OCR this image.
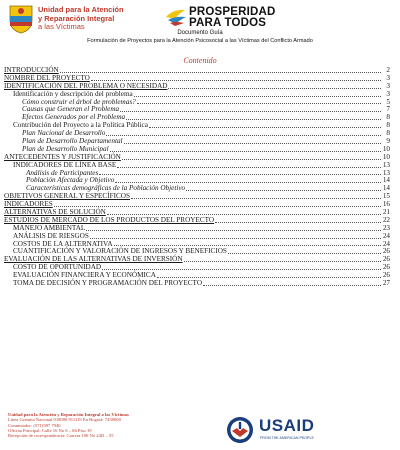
Unidad para la Atención
y Reparación Integral
a las Víctimas
PROSPERIDAD
PARA TODOS
Documento Guía
Formulación de Proyectos para la Atención Psicosocial a las Víctimas del Conflicto Armado
Contenido
INTRODUCCIÓN	2
NOMBRE DEL PROYECTO	3
IDENTIFICACIÓN DEL PROBLEMA O NECESIDAD	3
Identificación y descripción del problema	3
Cómo construir el árbol de problemas?	5
Causas que Generan el Problema	7
Efectos Generados por el Problema	8
Contribución del Proyecto a la Política Pública	8
Plan Nacional de Desarrollo	8
Plan de Desarrollo Departamental	9
Plan de Desarrollo Municipal	10
ANTECEDENTES Y JUSTIFICACIÓN	10
INDICADORES DE LÍNEA BASE	13
Análisis de Participantes	13
Población Afectada y Objetivo	14
Características demográficas de la Población Objetivo	14
OBJETIVOS GENERAL Y ESPECÍFICOS	15
INDICADORES	16
ALTERNATIVAS DE SOLUCIÓN	21
ESTUDIOS DE MERCADO DE LOS PRODUCTOS DEL PROYECTO	22
MANEJO AMBIENTAL	23
ANÁLISIS DE RIESGOS	24
COSTOS DE LA ALTERNATIVA	24
CUANTIFICACIÓN Y VALORACIÓN DE INGRESOS Y BENEFICIOS	26
EVALUACIÓN DE LAS ALTERNATIVAS DE INVERSIÓN	26
COSTO DE OPORTUNIDAD	26
EVALUACIÓN FINANCIERA Y ECONÓMICA	26
TOMA DE DECISIÓN Y PROGRAMACIÓN DEL PROYECTO	27
Unidad para la Atención y Reparación Integral a las Víctimas
Línea Gratuita Nacional 018000 911119 En Bogotá: 7430000
Conmutador: (571)587 7940
Oficina Principal: Calle 16 No 6 – 66 Piso 19
Recepción de correspondencia: Carrera 100 No 24D – 55
USAID
FROM THE AMERICAN PEOPLE
